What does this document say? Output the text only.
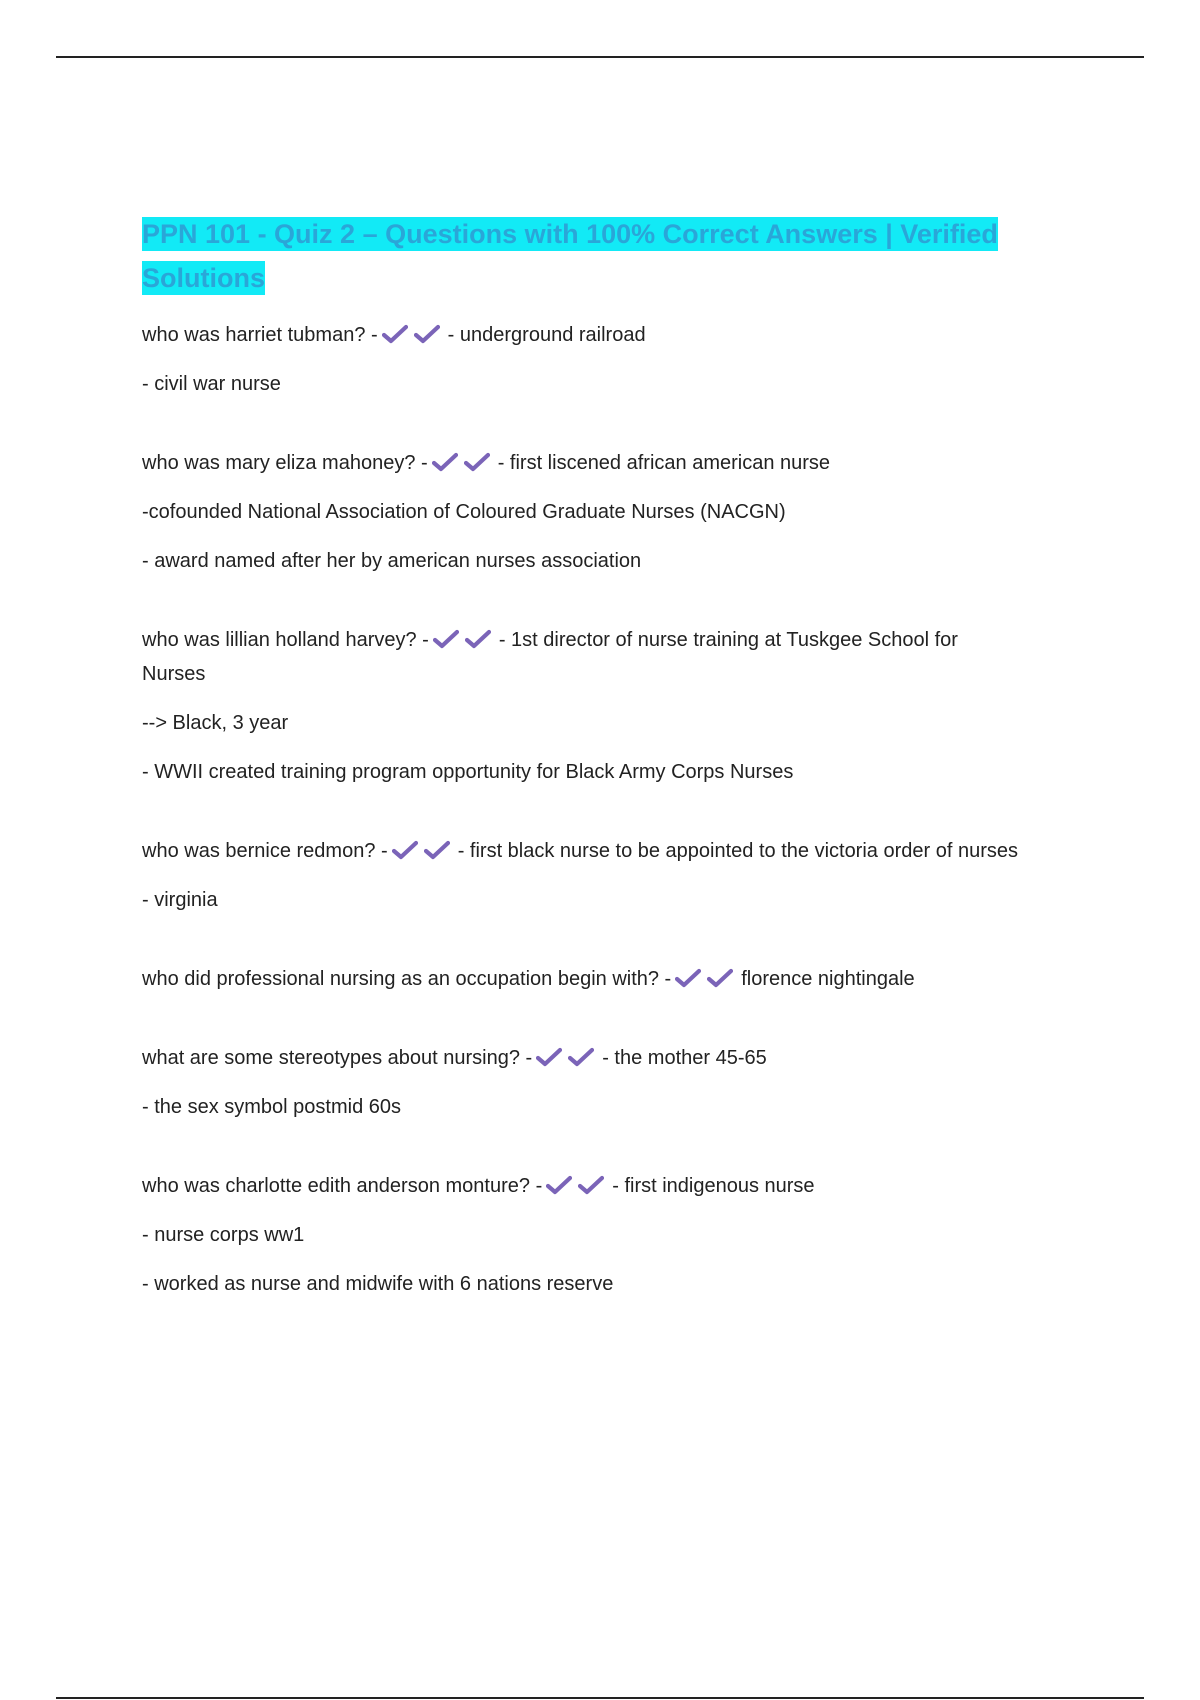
PPN 101 - Quiz 2 – Questions with 100% Correct Answers | Verified Solutions
who was harriet tubman? -	- underground railroad
- civil war nurse
who was mary eliza mahoney? -	- first liscened african american nurse
-cofounded National Association of Coloured Graduate Nurses (NACGN)
- award named after her by american nurses association
who was lillian holland harvey? -	- 1st director of nurse training at Tuskgee School for Nurses
--> Black, 3 year
- WWII created training program opportunity for Black Army Corps Nurses
who was bernice redmon? -	- first black nurse to be appointed to the victoria order of nurses
- virginia
who did professional nursing as an occupation begin with? -	florence nightingale
what are some stereotypes about nursing? -	- the mother 45-65
- the sex symbol postmid 60s
who was charlotte edith anderson monture? -	- first indigenous nurse
- nurse corps ww1
- worked as nurse and midwife with 6 nations reserve
